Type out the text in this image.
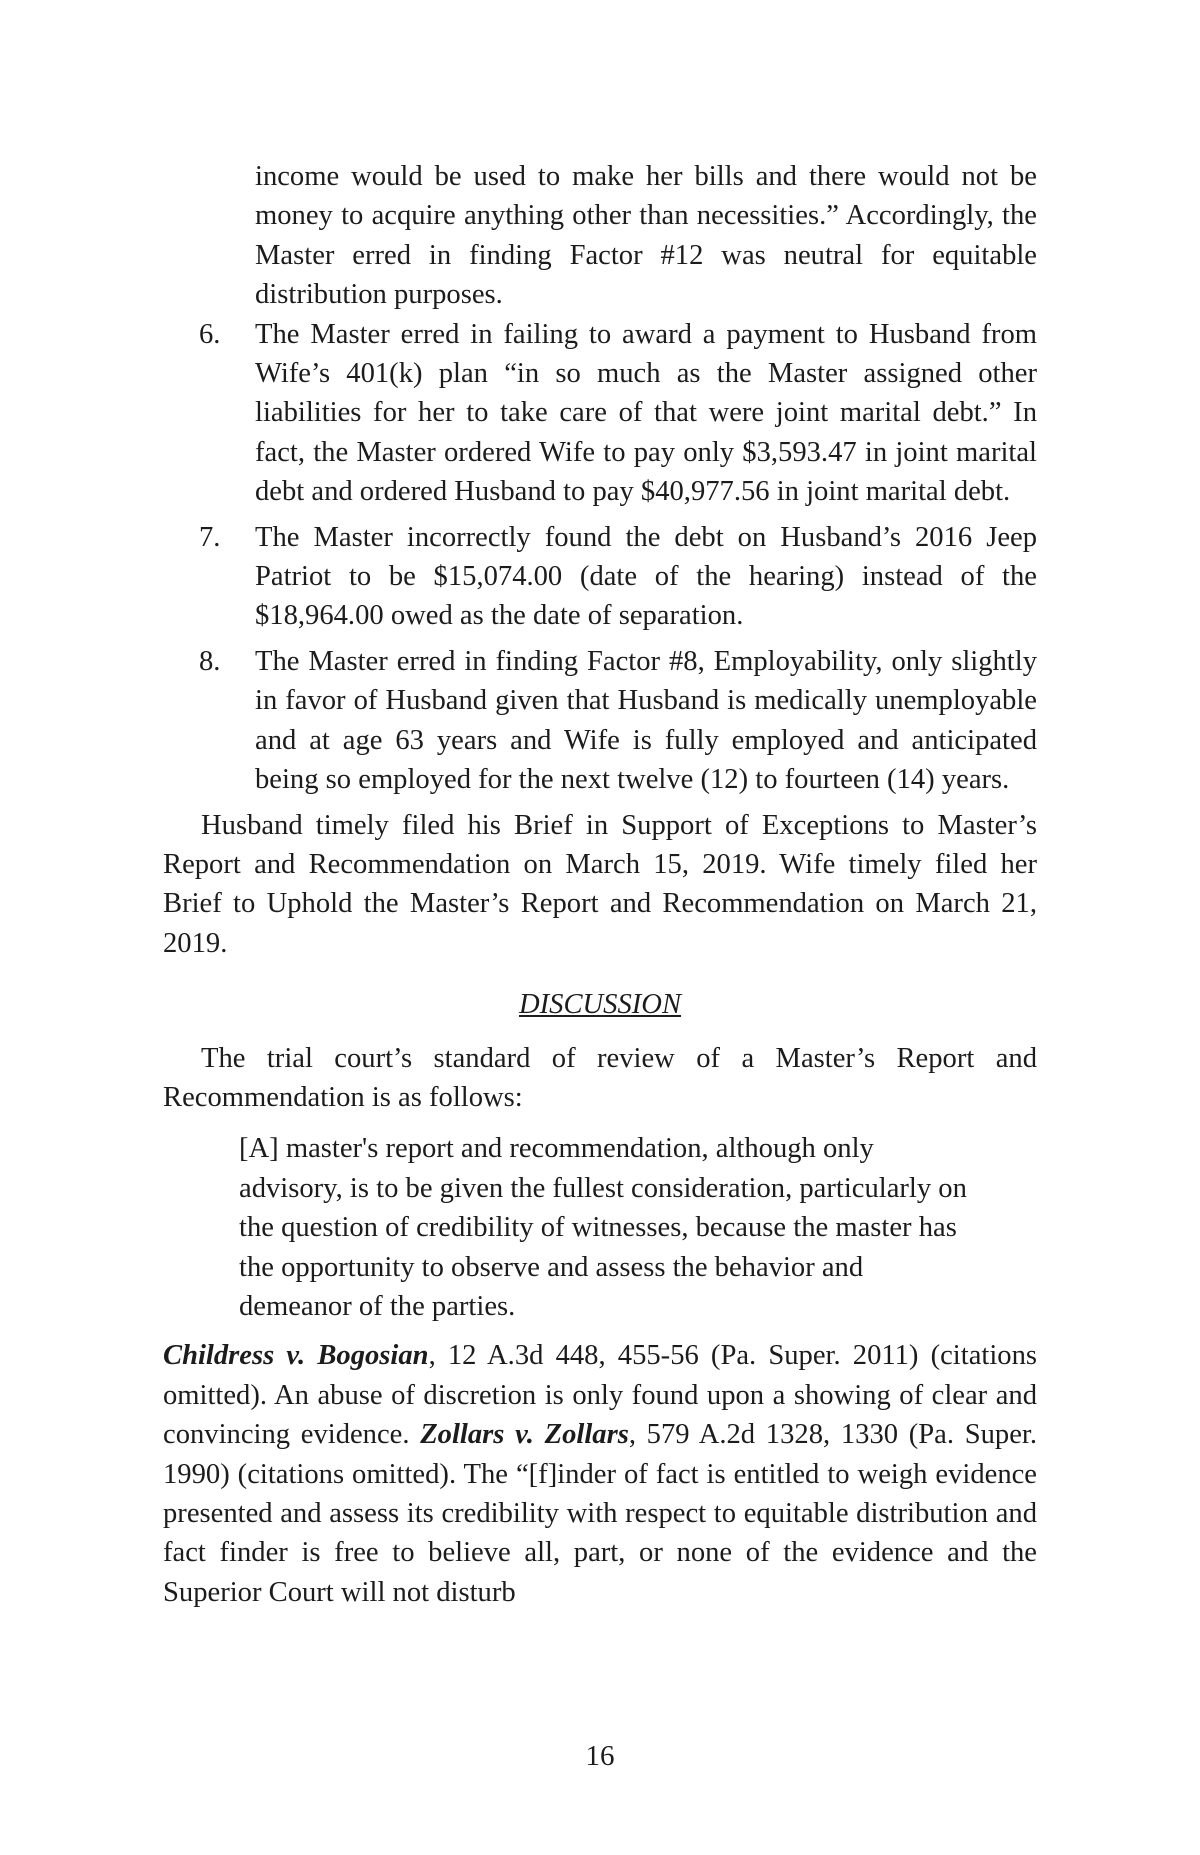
income would be used to make her bills and there would not be money to acquire anything other than necessities.” Accordingly, the Master erred in finding Factor #12 was neutral for equitable distribution purposes.

6. The Master erred in failing to award a payment to Husband from Wife’s 401(k) plan “in so much as the Master assigned other liabilities for her to take care of that were joint marital debt.” In fact, the Master ordered Wife to pay only $3,593.47 in joint marital debt and ordered Husband to pay $40,977.56 in joint marital debt.
7. The Master incorrectly found the debt on Husband’s 2016 Jeep Patriot to be $15,074.00 (date of the hearing) instead of the $18,964.00 owed as the date of separation.
8. The Master erred in finding Factor #8, Employability, only slightly in favor of Husband given that Husband is medically unemployable and at age 63 years and Wife is fully employed and anticipated being so employed for the next twelve (12) to fourteen (14) years.

Husband timely filed his Brief in Support of Exceptions to Master’s Report and Recommendation on March 15, 2019. Wife timely filed her Brief to Uphold the Master’s Report and Recommendation on March 21, 2019.

DISCUSSION

The trial court’s standard of review of a Master’s Report and Recommendation is as follows:

[A] master's report and recommendation, although only advisory, is to be given the fullest consideration, particularly on the question of credibility of witnesses, because the master has the opportunity to observe and assess the behavior and demeanor of the parties.

Childress v. Bogosian, 12 A.3d 448, 455-56 (Pa. Super. 2011) (citations omitted). An abuse of discretion is only found upon a showing of clear and convincing evidence. Zollars v. Zollars, 579 A.2d 1328, 1330 (Pa. Super. 1990) (citations omitted). The “[f]inder of fact is entitled to weigh evidence presented and assess its credibility with respect to equitable distribution and fact finder is free to believe all, part, or none of the evidence and the Superior Court will not disturb

16
